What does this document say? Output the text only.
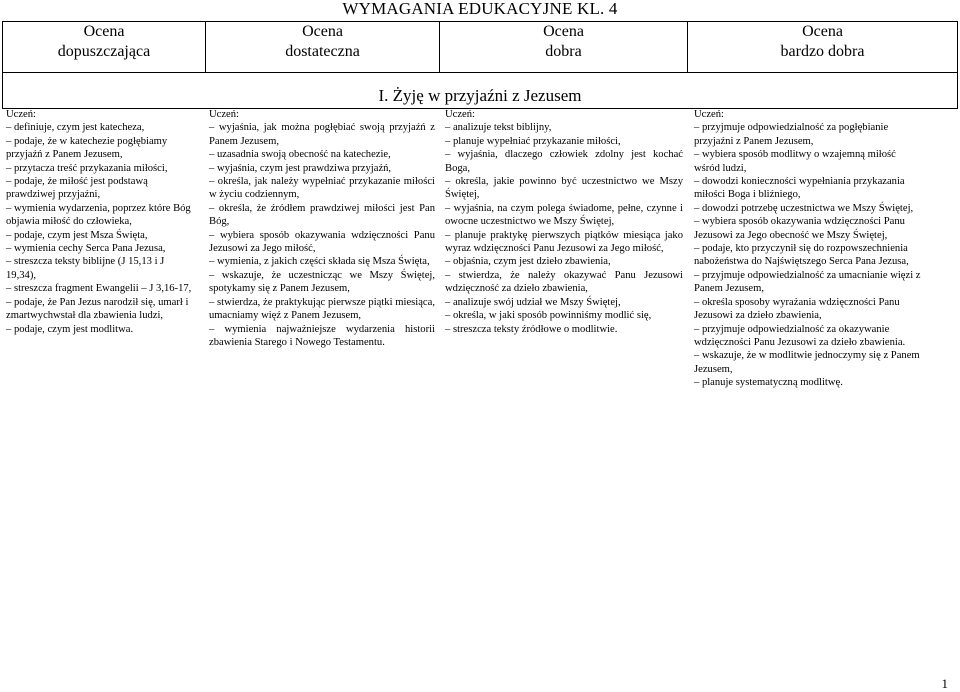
WYMAGANIA EDUKACYJNE KL. 4
Ocena
dopuszczająca	Ocena
dostateczna	Ocena
dobra	Ocena
bardzo dobra

I. Żyję w przyjaźni z Jezusem
Uczeń:
– definiuje, czym jest katecheza,
– podaje, że w katechezie pogłębiamy przyjaźń z Panem Jezusem,
– przytacza treść przykazania miłości,
– podaje, że miłość jest podstawą prawdziwej przyjaźni,
– wymienia wydarzenia, poprzez które Bóg objawia miłość do człowieka,
– podaje, czym jest Msza Święta,
– wymienia cechy Serca Pana Jezusa,
– streszcza teksty biblijne (J 15,13 i J 19,34),
– streszcza fragment Ewangelii – J 3,16-17,
– podaje, że Pan Jezus narodził się, umarł i zmartwychwstał dla zbawienia ludzi,
– podaje, czym jest modlitwa.
Uczeń:
– wyjaśnia, jak można pogłębiać swoją przyjaźń z Panem Jezusem,
– uzasadnia swoją obecność na katechezie,
– wyjaśnia, czym jest prawdziwa przyjaźń,
– określa, jak należy wypełniać przykazanie miłości w życiu codziennym,
– określa, że źródłem prawdziwej miłości jest Pan Bóg,
– wybiera sposób okazywania wdzięczności Panu Jezusowi za Jego miłość,
– wymienia, z jakich części składa się Msza Święta,
– wskazuje, że uczestnicząc we Mszy Świętej, spotykamy się z Panem Jezusem,
– stwierdza, że praktykując pierwsze piątki miesiąca, umacniamy więź z Panem Jezusem,
– wymienia najważniejsze wydarzenia historii zbawienia Starego i Nowego Testamentu.
Uczeń:
– analizuje tekst biblijny,
– planuje wypełniać przykazanie miłości,
– wyjaśnia, dlaczego człowiek zdolny jest kochać Boga,
– określa, jakie powinno być uczestnictwo we Mszy Świętej,
– wyjaśnia, na czym polega świadome, pełne, czynne i owocne uczestnictwo we Mszy Świętej,
– planuje praktykę pierwszych piątków miesiąca jako wyraz wdzięczności Panu Jezusowi za Jego miłość,
– objaśnia, czym jest dzieło zbawienia,
– stwierdza, że należy okazywać Panu Jezusowi wdzięczność za dzieło zbawienia,
– analizuje swój udział we Mszy Świętej,
– określa, w jaki sposób powinniśmy modlić się,
– streszcza teksty źródłowe o modlitwie.
Uczeń:
– przyjmuje odpowiedzialność za pogłębianie przyjaźni z Panem Jezusem,
– wybiera sposób modlitwy o wzajemną miłość wśród ludzi,
– dowodzi konieczności wypełniania przykazania miłości Boga i bliźniego,
– dowodzi potrzebę uczestnictwa we Mszy Świętej,
– wybiera sposób okazywania wdzięczności Panu Jezusowi za Jego obecność we Mszy Świętej,
– podaje, kto przyczynił się do rozpowszechnienia nabożeństwa do Najświętszego Serca Pana Jezusa,
– przyjmuje odpowiedzialność za umacnianie więzi z Panem Jezusem,
– określa sposoby wyrażania wdzięczności Panu Jezusowi za dzieło zbawienia,
– przyjmuje odpowiedzialność za okazywanie wdzięczności Panu Jezusowi za dzieło zbawienia.
– wskazuje, że w modlitwie jednoczymy się z Panem Jezusem,
– planuje systematyczną modlitwę.
1
